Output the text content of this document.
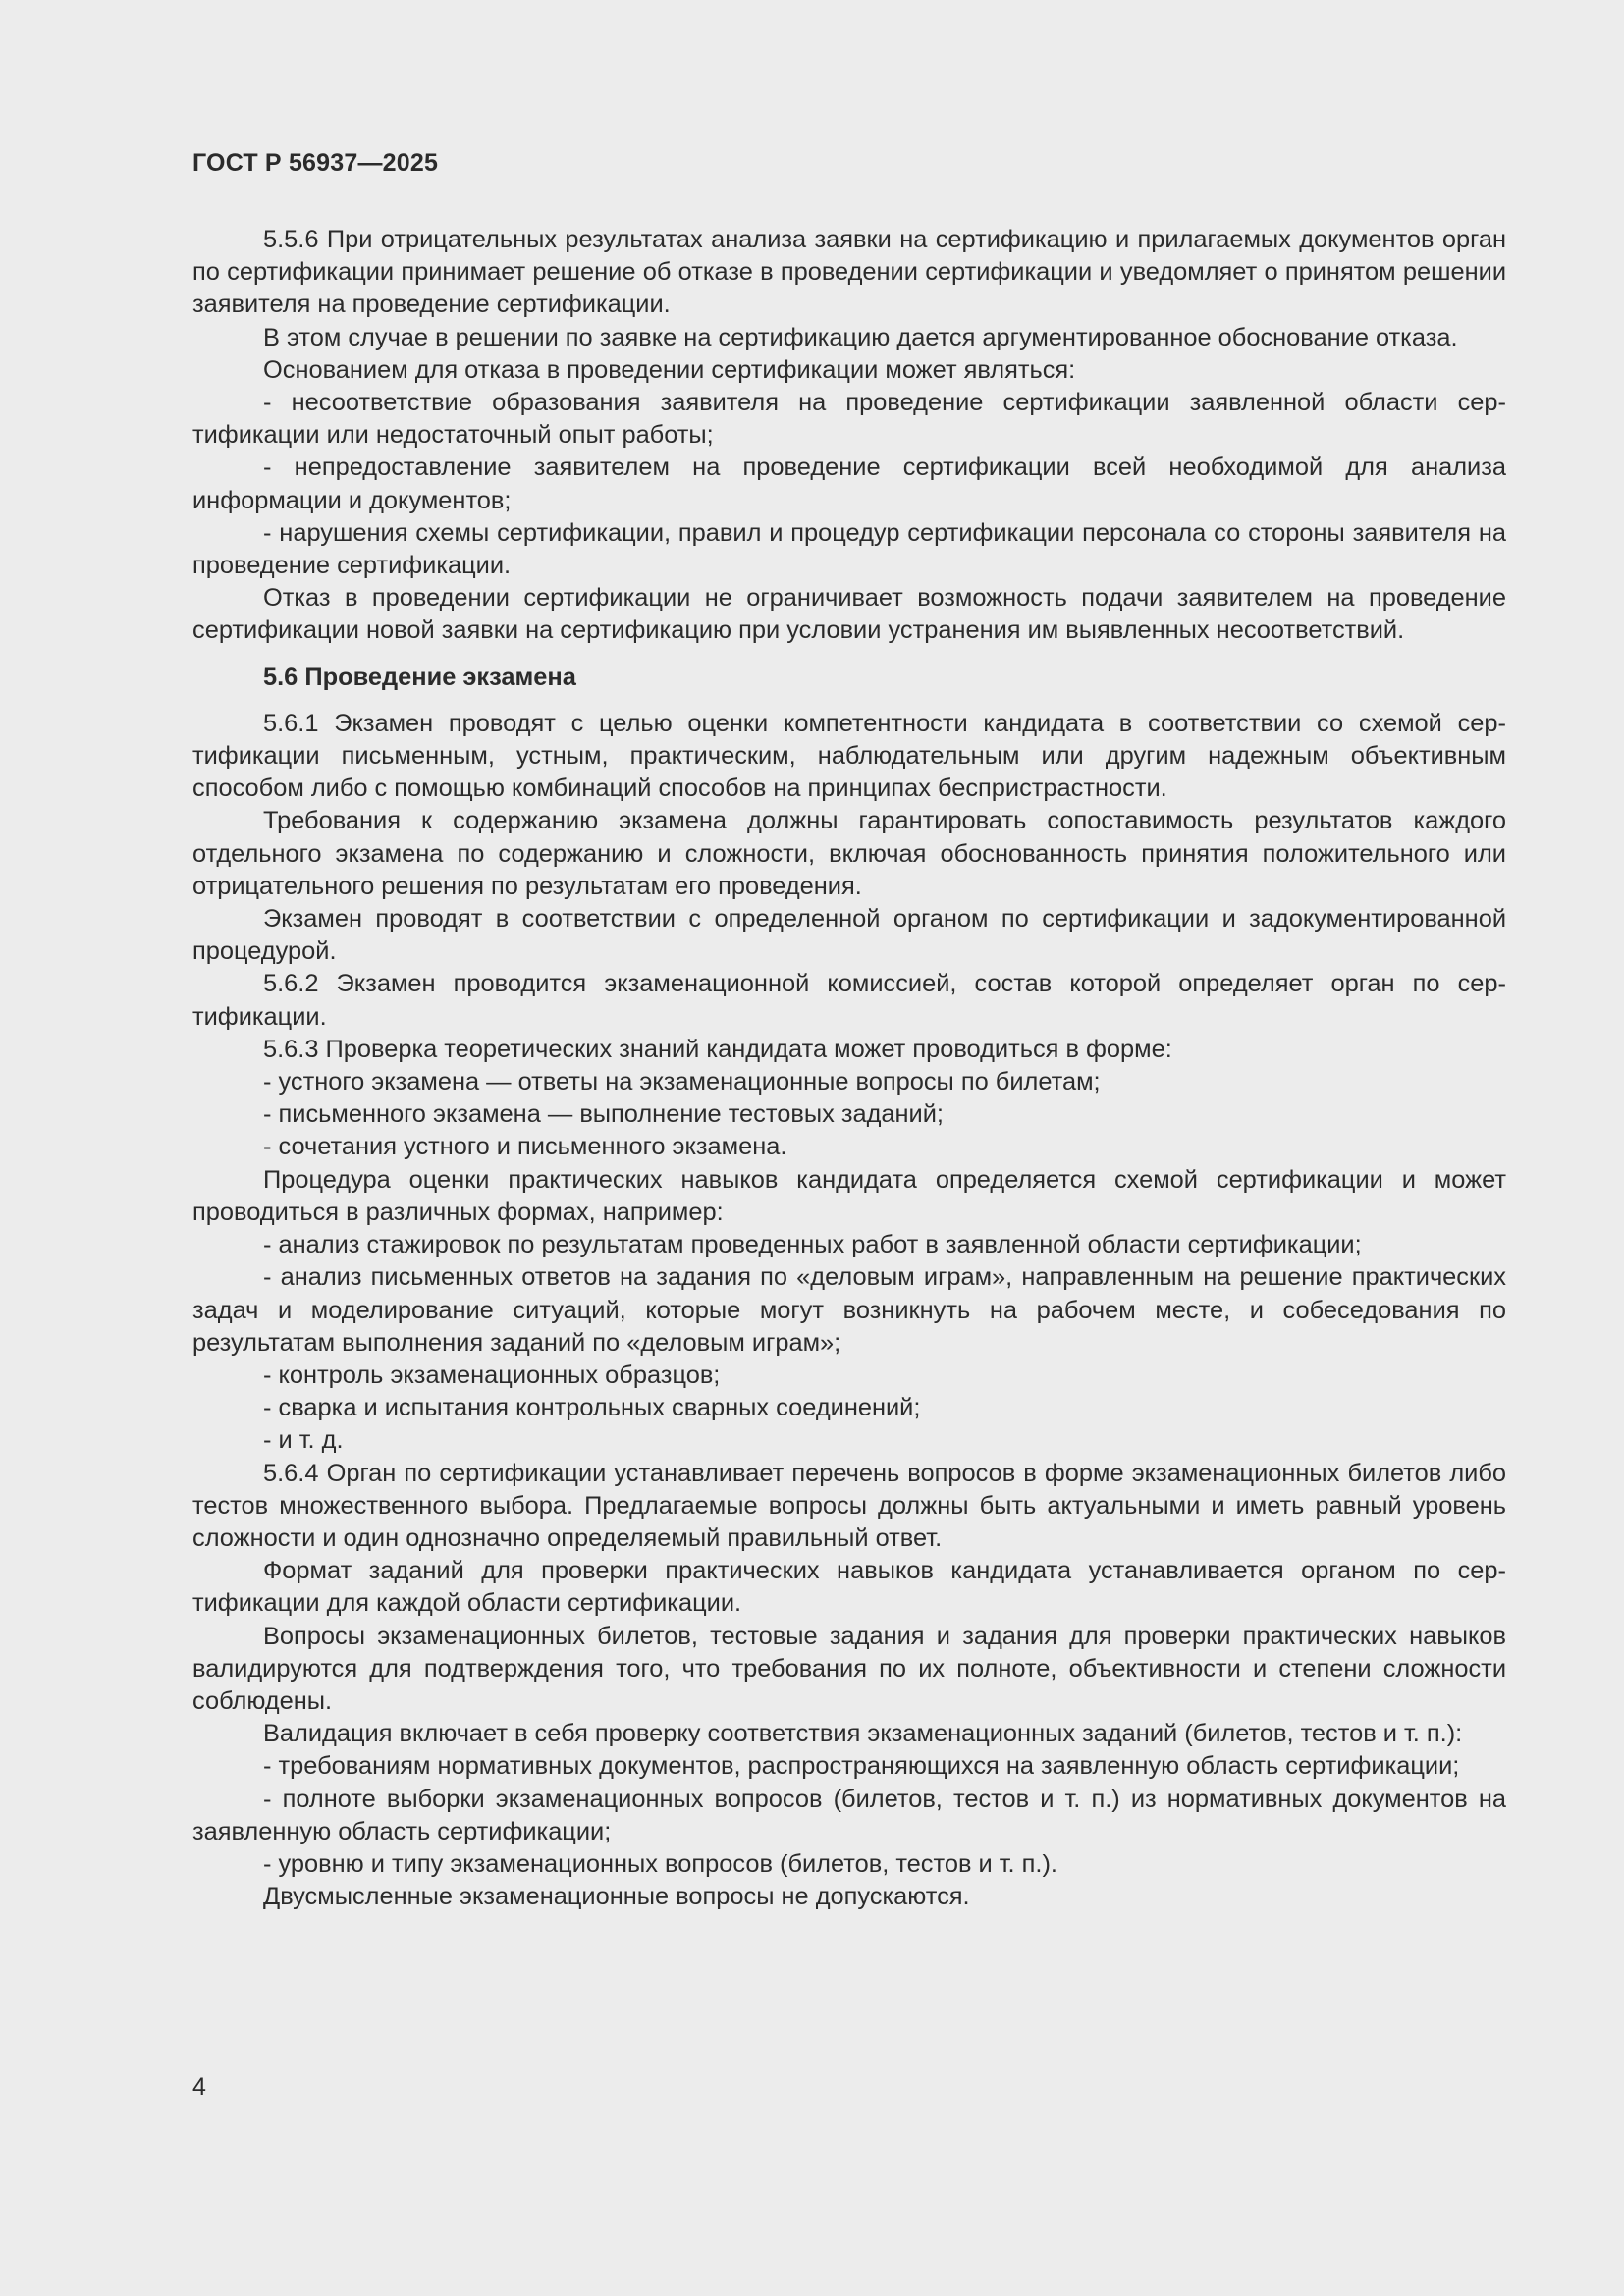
ГОСТ Р 56937—2025

5.5.6 При отрицательных результатах анализа заявки на сертификацию и прилагаемых документов орган по сертификации принимает решение об отказе в проведении сертификации и уведомляет о принятом решении заявителя на проведение сертификации.

В этом случае в решении по заявке на сертификацию дается аргументированное обоснование отказа.

Основанием для отказа в проведении сертификации может являться:

- несоответствие образования заявителя на проведение сертификации заявленной области сертификации или недостаточный опыт работы;

- непредоставление заявителем на проведение сертификации всей необходимой для анализа информации и документов;

- нарушения схемы сертификации, правил и процедур сертификации персонала со стороны заявителя на проведение сертификации.

Отказ в проведении сертификации не ограничивает возможность подачи заявителем на проведение сертификации новой заявки на сертификацию при условии устранения им выявленных несоответствий.

5.6 Проведение экзамена

5.6.1 Экзамен проводят с целью оценки компетентности кандидата в соответствии со схемой сертификации письменным, устным, практическим, наблюдательным или другим надежным объективным способом либо с помощью комбинаций способов на принципах беспристрастности.

Требования к содержанию экзамена должны гарантировать сопоставимость результатов каждого отдельного экзамена по содержанию и сложности, включая обоснованность принятия положительного или отрицательного решения по результатам его проведения.

Экзамен проводят в соответствии с определенной органом по сертификации и задокументированной процедурой.

5.6.2 Экзамен проводится экзаменационной комиссией, состав которой определяет орган по сертификации.

5.6.3 Проверка теоретических знаний кандидата может проводиться в форме:

- устного экзамена — ответы на экзаменационные вопросы по билетам;

- письменного экзамена — выполнение тестовых заданий;

- сочетания устного и письменного экзамена.

Процедура оценки практических навыков кандидата определяется схемой сертификации и может проводиться в различных формах, например:

- анализ стажировок по результатам проведенных работ в заявленной области сертификации;

- анализ письменных ответов на задания по «деловым играм», направленным на решение практических задач и моделирование ситуаций, которые могут возникнуть на рабочем месте, и собеседования по результатам выполнения заданий по «деловым играм»;

- контроль экзаменационных образцов;

- сварка и испытания контрольных сварных соединений;

- и т. д.

5.6.4 Орган по сертификации устанавливает перечень вопросов в форме экзаменационных билетов либо тестов множественного выбора. Предлагаемые вопросы должны быть актуальными и иметь равный уровень сложности и один однозначно определяемый правильный ответ.

Формат заданий для проверки практических навыков кандидата устанавливается органом по сертификации для каждой области сертификации.

Вопросы экзаменационных билетов, тестовые задания и задания для проверки практических навыков валидируются для подтверждения того, что требования по их полноте, объективности и степени сложности соблюдены.

Валидация включает в себя проверку соответствия экзаменационных заданий (билетов, тестов и т. п.):

- требованиям нормативных документов, распространяющихся на заявленную область сертификации;

- полноте выборки экзаменационных вопросов (билетов, тестов и т. п.) из нормативных документов на заявленную область сертификации;

- уровню и типу экзаменационных вопросов (билетов, тестов и т. п.).

Двусмысленные экзаменационные вопросы не допускаются.

4
